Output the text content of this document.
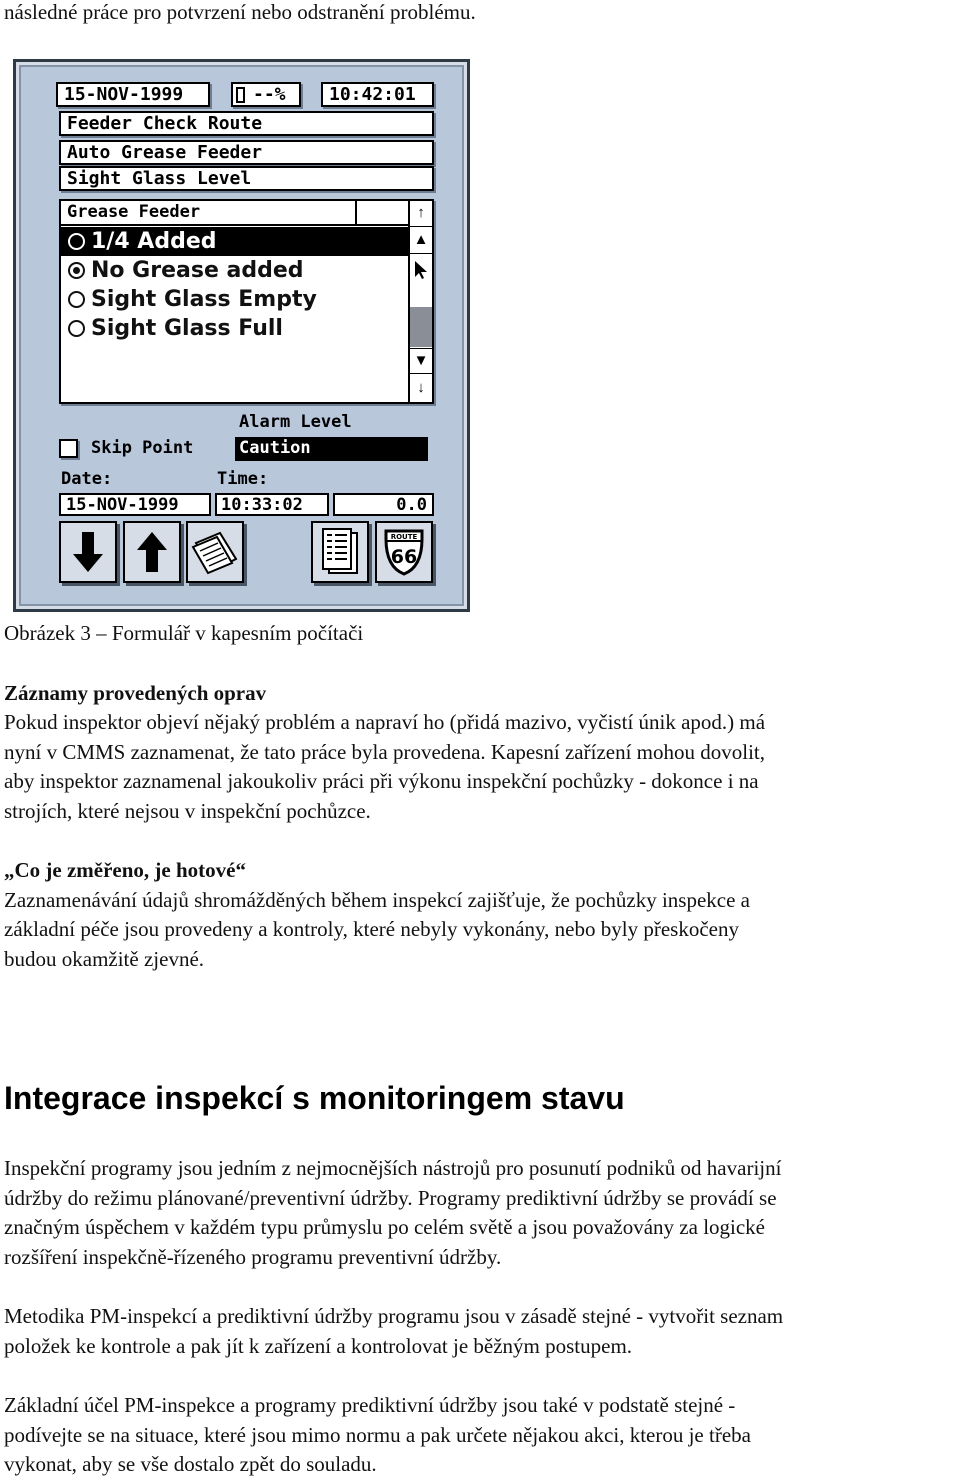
následné práce pro potvrzení nebo odstranění problému.
15-NOV-1999	--% 10:42:01
Feeder Check Route
Auto Grease Feeder
Sight Glass Level
Grease Feeder
1/4 Added
No Grease added
Sight Glass Empty
Sight Glass Full
↑
▲
▼
↓
Alarm Level
Skip Point	Caution
Date:	Time:
15-NOV-1999 10:33:02	0.0
ROUTE
66
Obrázek 3 – Formulář v kapesním počítači
Záznamy provedených oprav
Pokud inspektor objeví nějaký problém a napraví ho (přidá mazivo, vyčistí únik apod.) má
nyní v CMMS zaznamenat, že tato práce byla provedena. Kapesní zařízení mohou dovolit,
aby inspektor zaznamenal jakoukoliv práci při výkonu inspekční pochůzky - dokonce i na
strojích, které nejsou v inspekční pochůzce.
„Co je změřeno, je hotové“
Zaznamenávání údajů shromážděných během inspekcí zajišťuje, že pochůzky inspekce a
základní péče jsou provedeny a kontroly, které nebyly vykonány, nebo byly přeskočeny
budou okamžitě zjevné.
Integrace inspekcí s monitoringem stavu
Inspekční programy jsou jedním z nejmocnějších nástrojů pro posunutí podniků od havarijní
údržby do režimu plánované/preventivní údržby. Programy prediktivní údržby se provádí se
značným úspěchem v každém typu průmyslu po celém světě a jsou považovány za logické
rozšíření inspekčně-řízeného programu preventivní údržby.
Metodika PM-inspekcí a prediktivní údržby programu jsou v zásadě stejné - vytvořit seznam
položek ke kontrole a pak jít k zařízení a kontrolovat je běžným postupem.
Základní účel PM-inspekce a programy prediktivní údržby jsou také v podstatě stejné -
podívejte se na situace, které jsou mimo normu a pak určete nějakou akci, kterou je třeba
vykonat, aby se vše dostalo zpět do souladu.
